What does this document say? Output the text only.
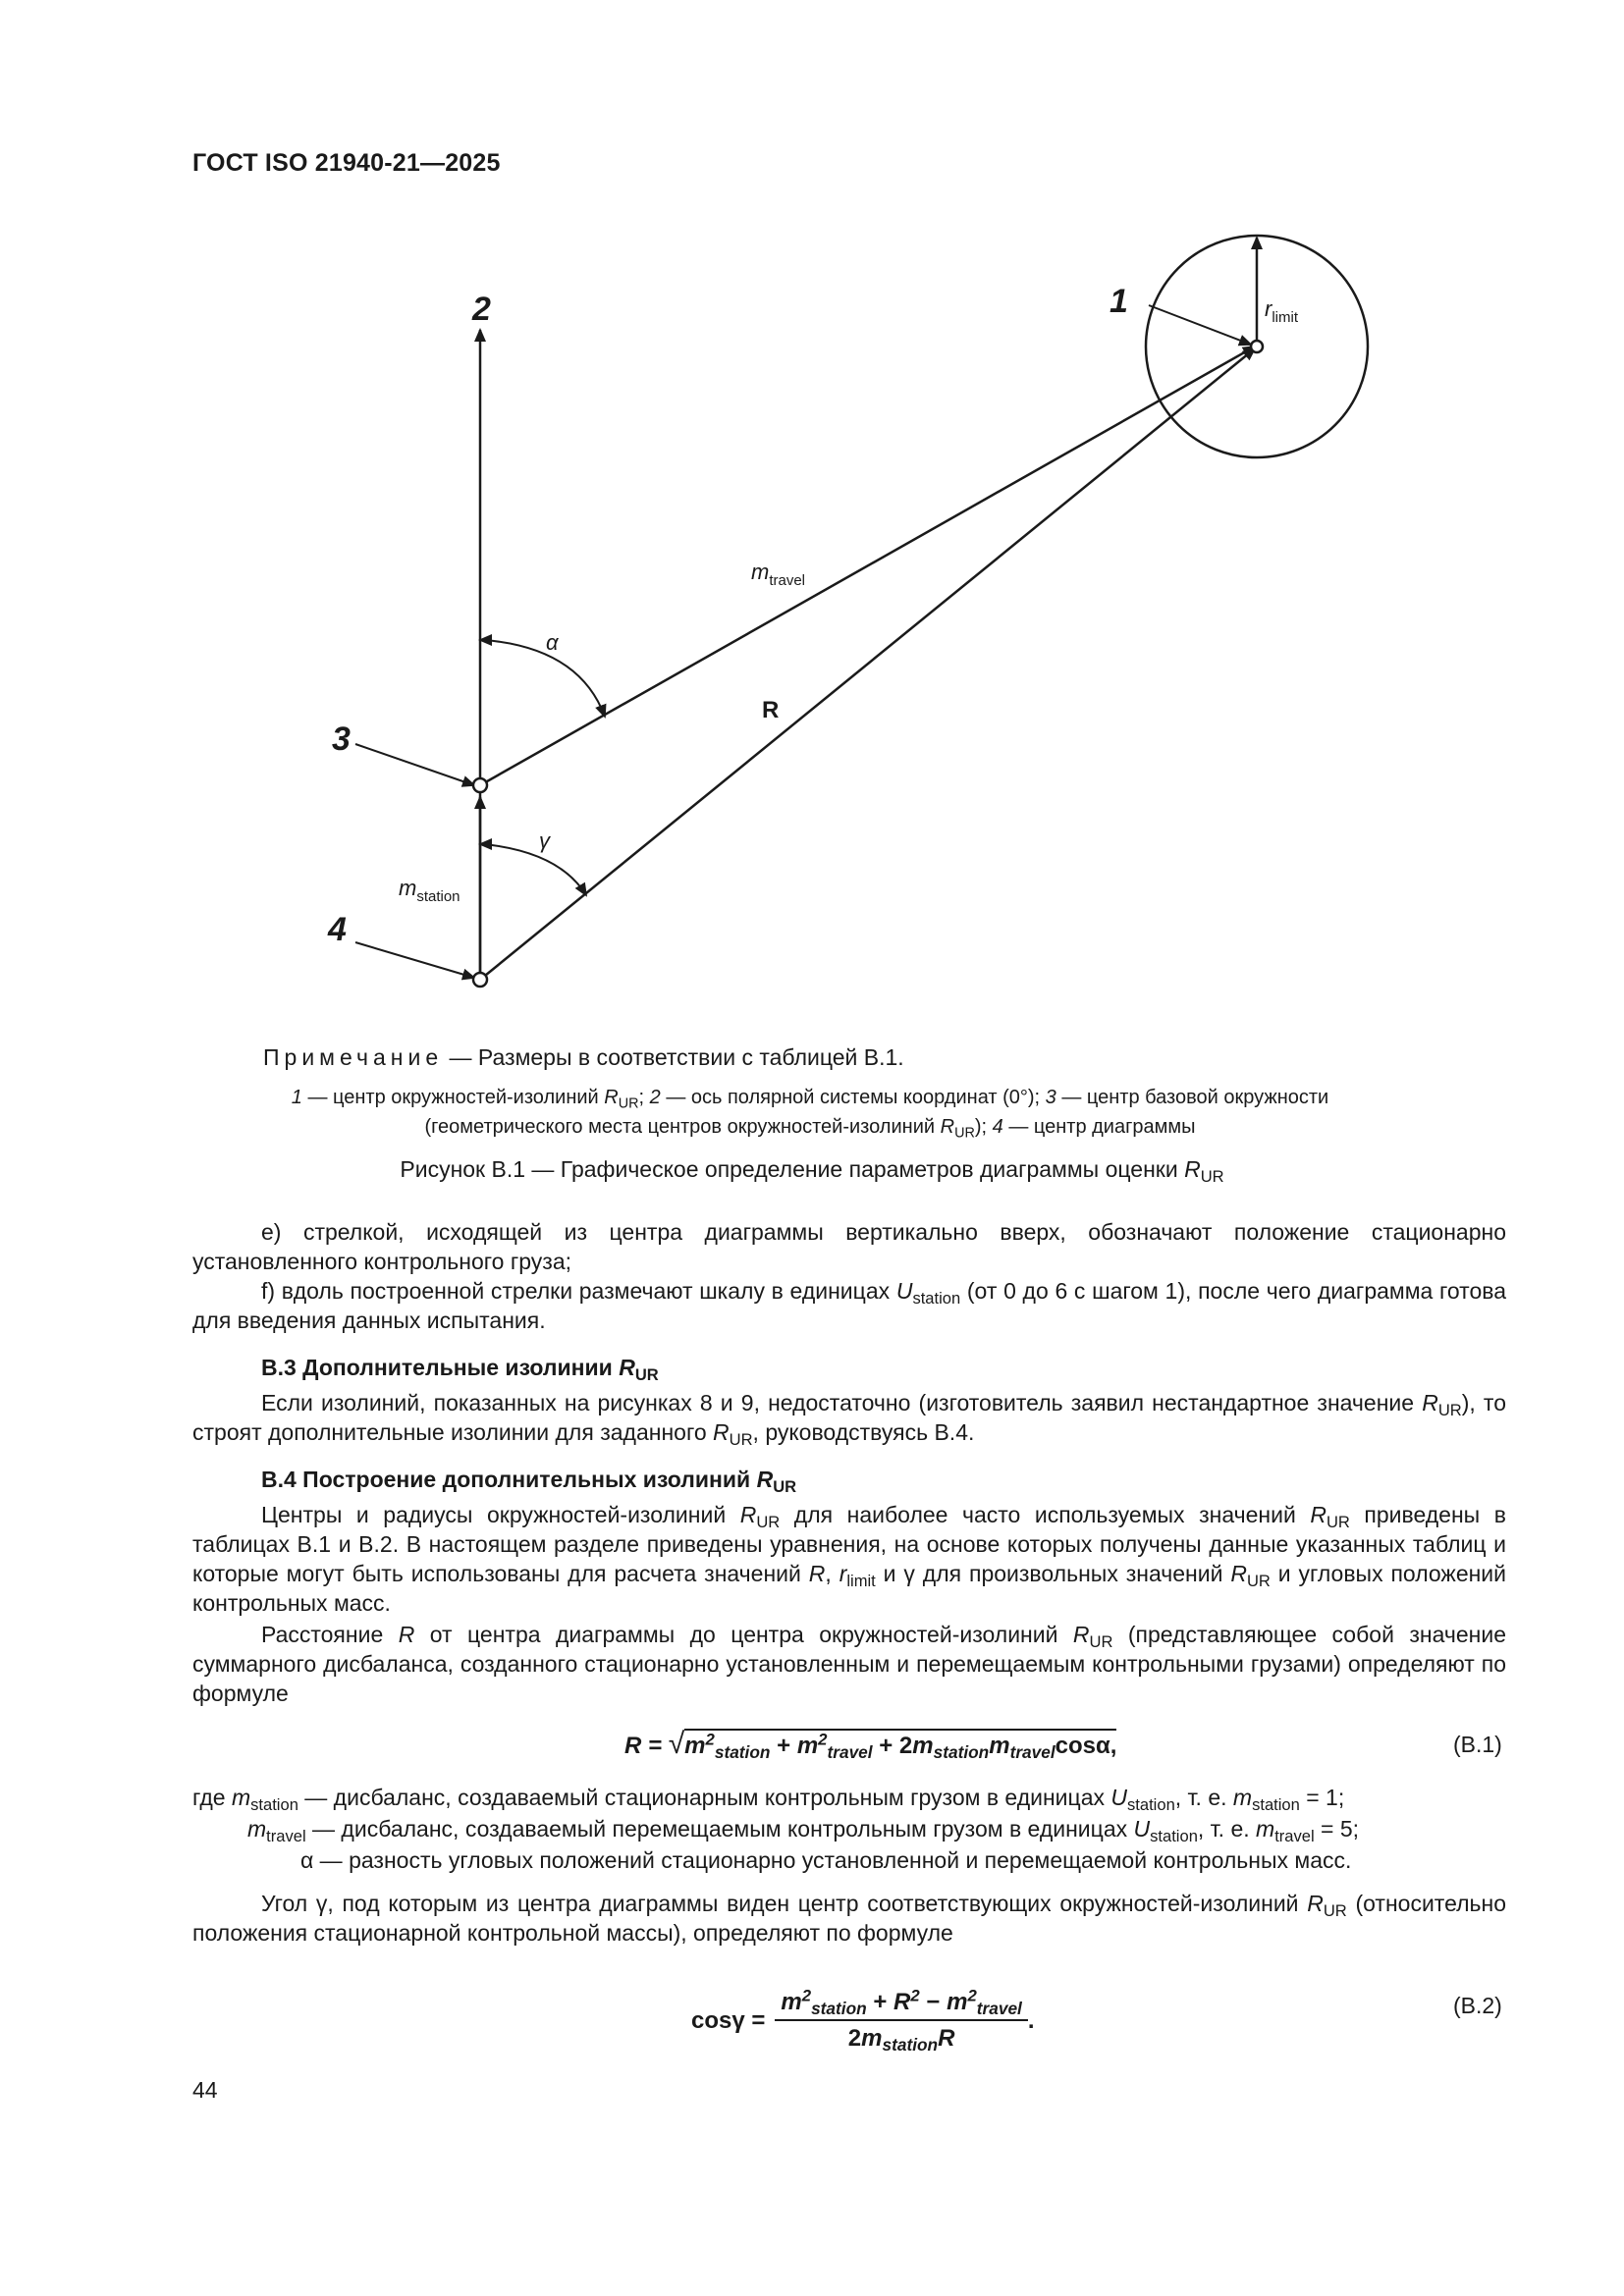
ГОСТ ISO 21940-21—2025
2	1
3
4
rlimit
mtravel
mstation
α
γ
R
Примечание — Размеры в соответствии с таблицей В.1.
1 — центр окружностей-изолиний $R_{UR}$; 2 — ось полярной системы координат (0°); 3 — центр базовой окружности
(геометрического места центров окружностей-изолиний $R_{UR}$); 4 — центр диаграммы
Рисунок В.1 — Графическое определение параметров диаграммы оценки $R_{UR}$
e) стрелкой, исходящей из центра диаграммы вертикально вверх, обозначают положение стационарно установленного контрольного груза;
f) вдоль построенной стрелки размечают шкалу в единицах $U_{station}$ (от 0 до 6 с шагом 1), после чего диаграмма готова для введения данных испытания.
В.3 Дополнительные изолинии $R_{UR}$
Если изолиний, показанных на рисунках 8 и 9, недостаточно (изготовитель заявил нестандартное значение $R_{UR}$), то строят дополнительные изолинии для заданного $R_{UR}$, руководствуясь В.4.
В.4 Построение дополнительных изолиний $R_{UR}$
Центры и радиусы окружностей-изолиний $R_{UR}$ для наиболее часто используемых значений $R_{UR}$ приведены в таблицах В.1 и В.2. В настоящем разделе приведены уравнения, на основе которых получены данные указанных таблиц и которые могут быть использованы для расчета значений R, $r_{limit}$ и γ для произвольных значений $R_{UR}$ и угловых положений контрольных масс.
Расстояние R от центра диаграммы до центра окружностей-изолиний $R_{UR}$ (представляющее собой значение суммарного дисбаланса, созданного стационарно установленным и перемещаемым контрольными грузами) определяют по формуле
$R = √m^2_{station} + m^2_{travel} + 2m_{station}m_{travel}\cos\alpha$,	(В.1)
где $m_{station}$ — дисбаланс, создаваемый стационарным контрольным грузом в единицах $U_{station}$, т. е. $m_{station} = 1$;
$m_{travel}$ — дисбаланс, создаваемый перемещаемым контрольным грузом в единицах $U_{station}$, т. е. $m_{travel} = 5$;
α — разность угловых положений стационарно установленной и перемещаемой контрольных масс.
Угол γ, под которым из центра диаграммы виден центр соответствующих окружностей-изолиний $R_{UR}$ (относительно положения стационарной контрольной массы), определяют по формуле
cosγ =
$m^2_{station} + R^2 - m^2_{travel}$
$2m_{station}R$
.
(В.2)
44
